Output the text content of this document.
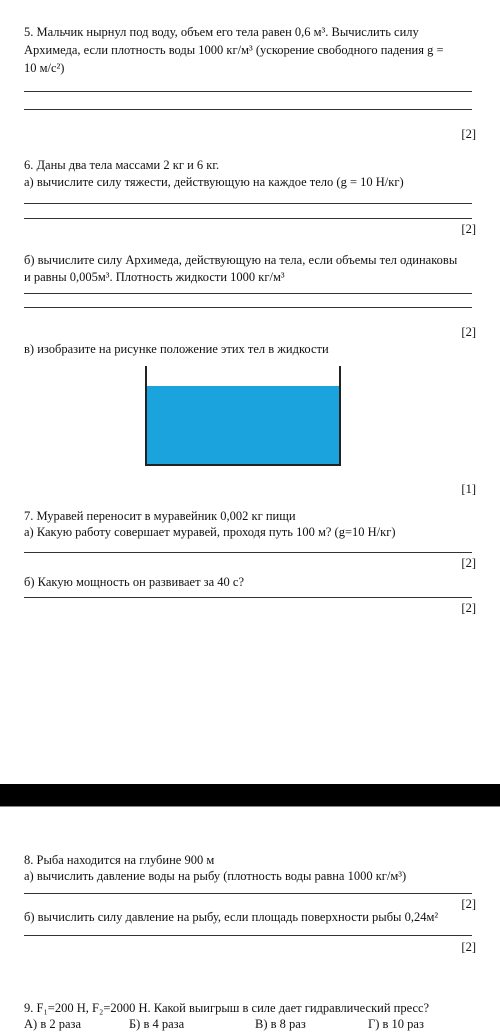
5. Мальчик нырнул под воду, объем его тела равен 0,6 м³. Вычислить силу
Архимеда, если плотность воды 1000 кг/м³ (ускорение свободного падения g =
10 м/с²)
[2]
6. Даны два тела массами 2 кг и 6 кг.
а) вычислите силу тяжести, действующую на каждое тело (g = 10 Н/кг)
[2]
б) вычислите силу Архимеда, действующую на тела, если объемы тел одинаковы
и равны 0,005м³. Плотность жидкости 1000 кг/м³
[2]
в) изобразите на рисунке положение этих тел в жидкости
[1]
7. Муравей переносит в муравейник 0,002 кг пищи
а) Какую работу совершает муравей, проходя путь 100 м? (g=10 Н/кг)
[2]
б) Какую мощность он развивает за 40 с?
[2]
8. Рыба находится на глубине 900 м
а) вычислить давление воды на рыбу (плотность воды равна 1000 кг/м³)
[2]
б) вычислить силу давление на рыбу, если площадь поверхности рыбы 0,24м²
[2]
9. F₁=200 Н, F₂=2000 Н. Какой выигрыш в силе дает гидравлический пресс?
А) в 2 раза	Б) в 4 раза	В) в 8 раз	Г) в 10 раз
